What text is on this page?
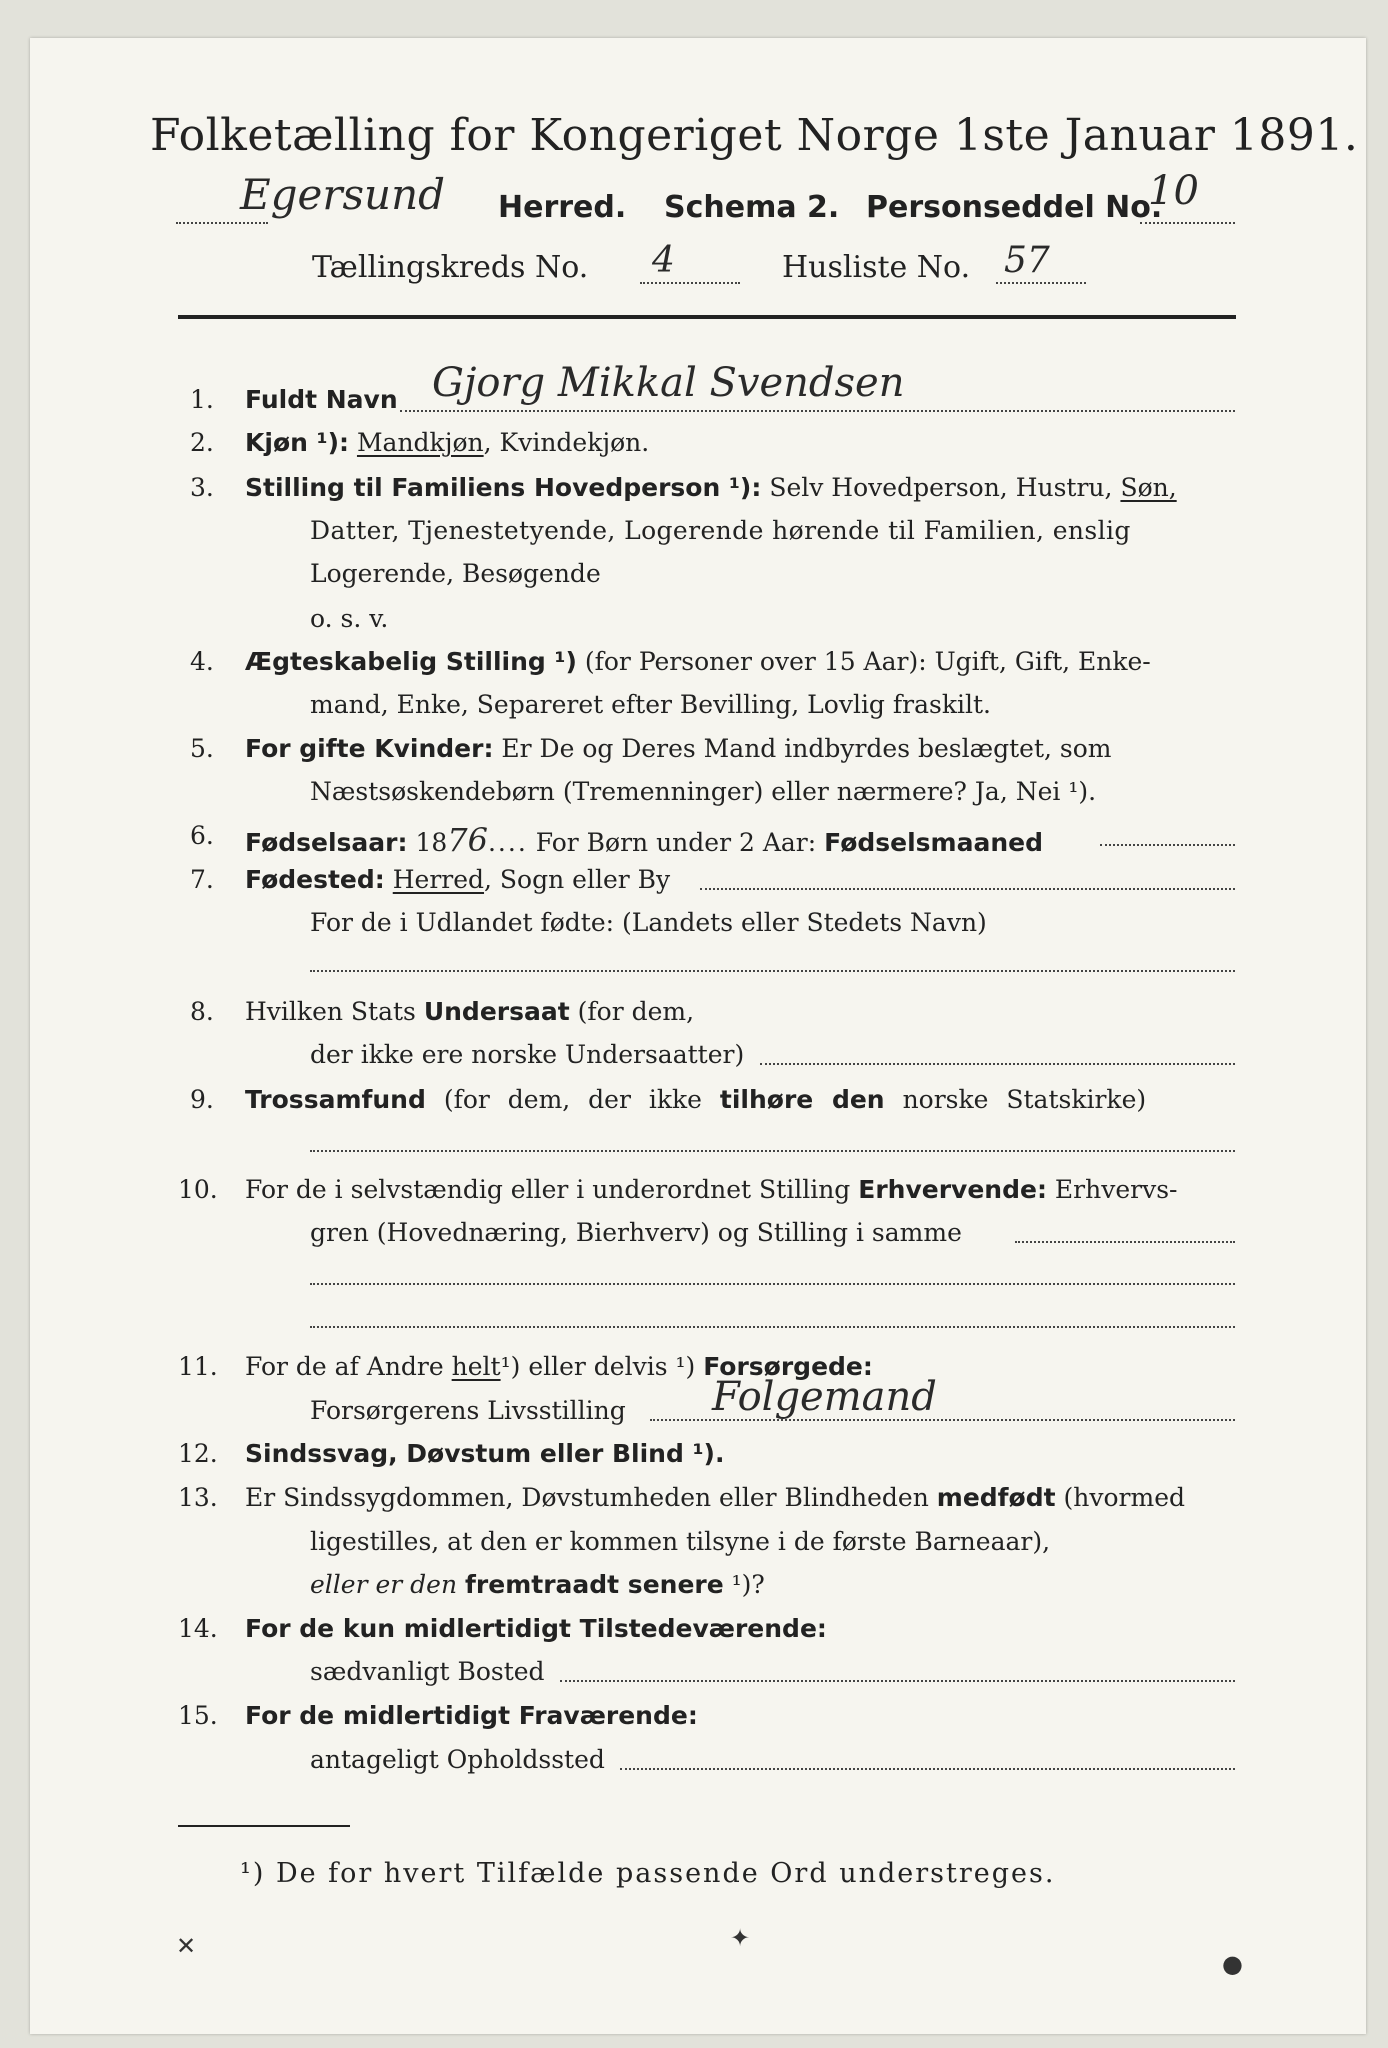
Folketælling for Kongeriget Norge 1ste Januar 1891.
Egersund Herred. Schema 2. Personseddel No.
10
Tællingskreds No. 4	Husliste No. 57
1. Fuldt Navn Gjorg Mikkal Svendsen
2. Kjøn ¹): Mandkjøn, Kvindekjøn.
3. Stilling til Familiens Hovedperson ¹): Selv Hovedperson, Hustru, Søn,
Datter, Tjenestetyende, Logerende hørende til Familien, enslig
Logerende, Besøgende
o. s. v.
4. Ægteskabelig Stilling ¹) (for Personer over 15 Aar): Ugift, Gift, Enke-
mand, Enke, Separeret efter Bevilling, Lovlig fraskilt.
5. For gifte Kvinder: Er De og Deres Mand indbyrdes beslægtet, som
Næstsøskendebørn (Tremenninger) eller nærmere? Ja, Nei ¹).
6. Fødselsaar: 1876.... For Børn under 2 Aar: Fødselsmaaned
7. Fødested: Herred, Sogn eller By
For de i Udlandet fødte: (Landets eller Stedets Navn)
8. Hvilken Stats Undersaat (for dem,
der ikke ere norske Undersaatter)
9. Trossamfund (for dem, der ikke tilhøre den norske Statskirke)
10. For de i selvstændig eller i underordnet Stilling Erhvervende: Erhvervs-
gren (Hovednæring, Bierhverv) og Stilling i samme
11. For de af Andre helt¹) eller delvis ¹) Forsørgede:
Forsørgerens Livsstilling Folgemand
12. Sindssvag, Døvstum eller Blind ¹).
13. Er Sindssygdommen, Døvstumheden eller Blindheden medfødt (hvormed
ligestilles, at den er kommen tilsyne i de første Barneaar),
eller er den fremtraadt senere ¹)?
14. For de kun midlertidigt Tilstedeværende:
sædvanligt Bosted
15. For de midlertidigt Fraværende:
antageligt Opholdssted
¹) De for hvert Tilfælde passende Ord understreges.
✕	✦
●
